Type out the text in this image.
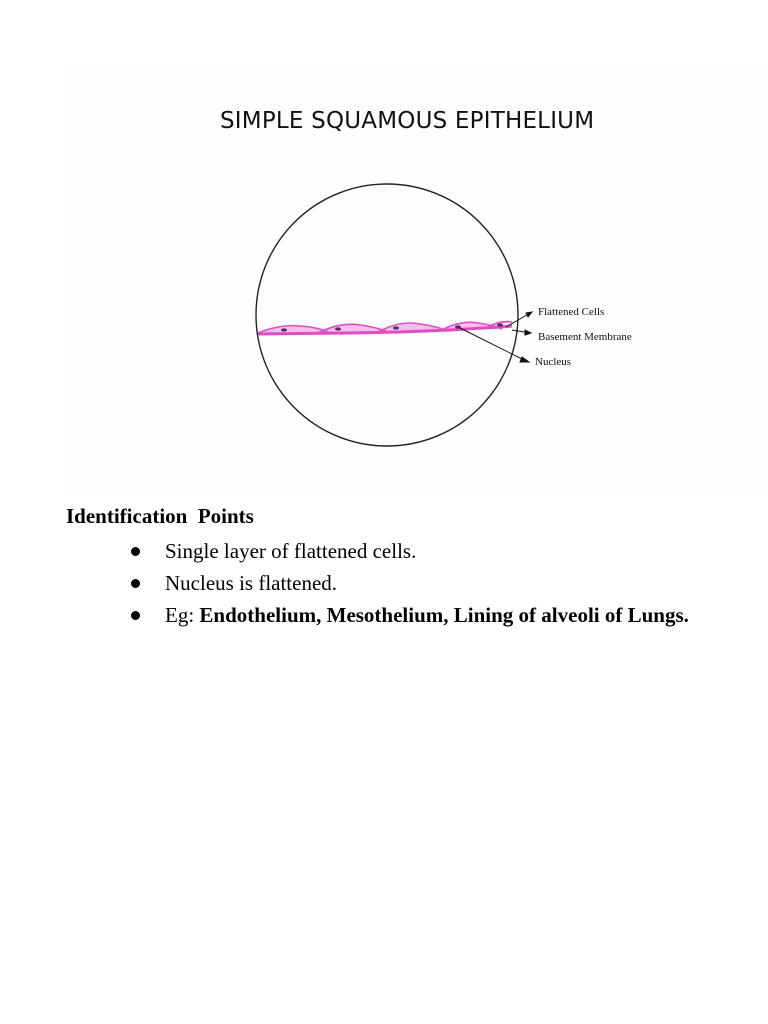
SIMPLE SQUAMOUS EPITHELIUM
Flattened Cells
Basement Membrane
Nucleus
Identification  Points
Single layer of flattened cells.
Nucleus is flattened.
Eg: Endothelium, Mesothelium, Lining of alveoli of Lungs.
